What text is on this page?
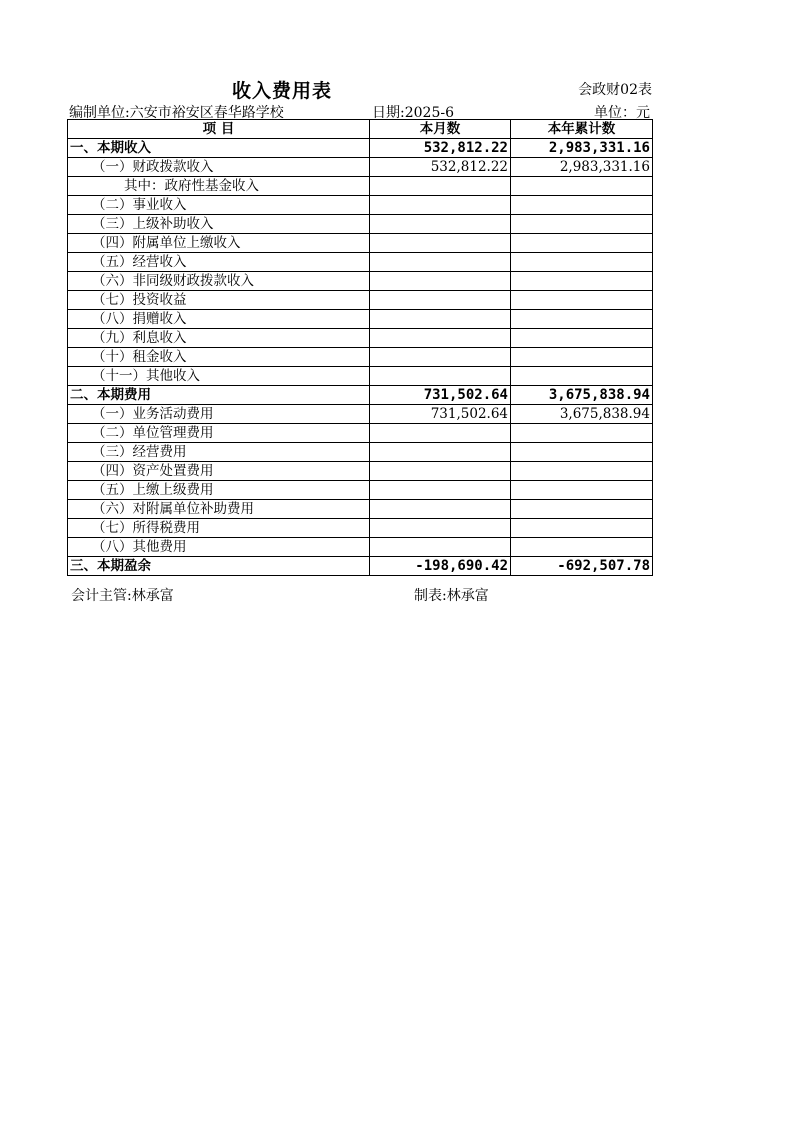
收入费用表	会政财02表
编制单位:六安市裕安区春华路学校	日期:2025-6	单位：元
项 目	本月数	本年累计数
一、本期收入	532,812.22	2,983,331.16
（一）财政拨款收入	532,812.22	2,983,331.16
其中：政府性基金收入		
（二）事业收入		
（三）上级补助收入		
（四）附属单位上缴收入		
（五）经营收入		
（六）非同级财政拨款收入		
（七）投资收益		
（八）捐赠收入		
（九）利息收入		
（十）租金收入		
（十一）其他收入		
二、本期费用	731,502.64	3,675,838.94
（一）业务活动费用	731,502.64	3,675,838.94
（二）单位管理费用		
（三）经营费用		
（四）资产处置费用		
（五）上缴上级费用		
（六）对附属单位补助费用		
（七）所得税费用		
（八）其他费用		
三、本期盈余	-198,690.42	-692,507.78
会计主管:林承富	制表:林承富
